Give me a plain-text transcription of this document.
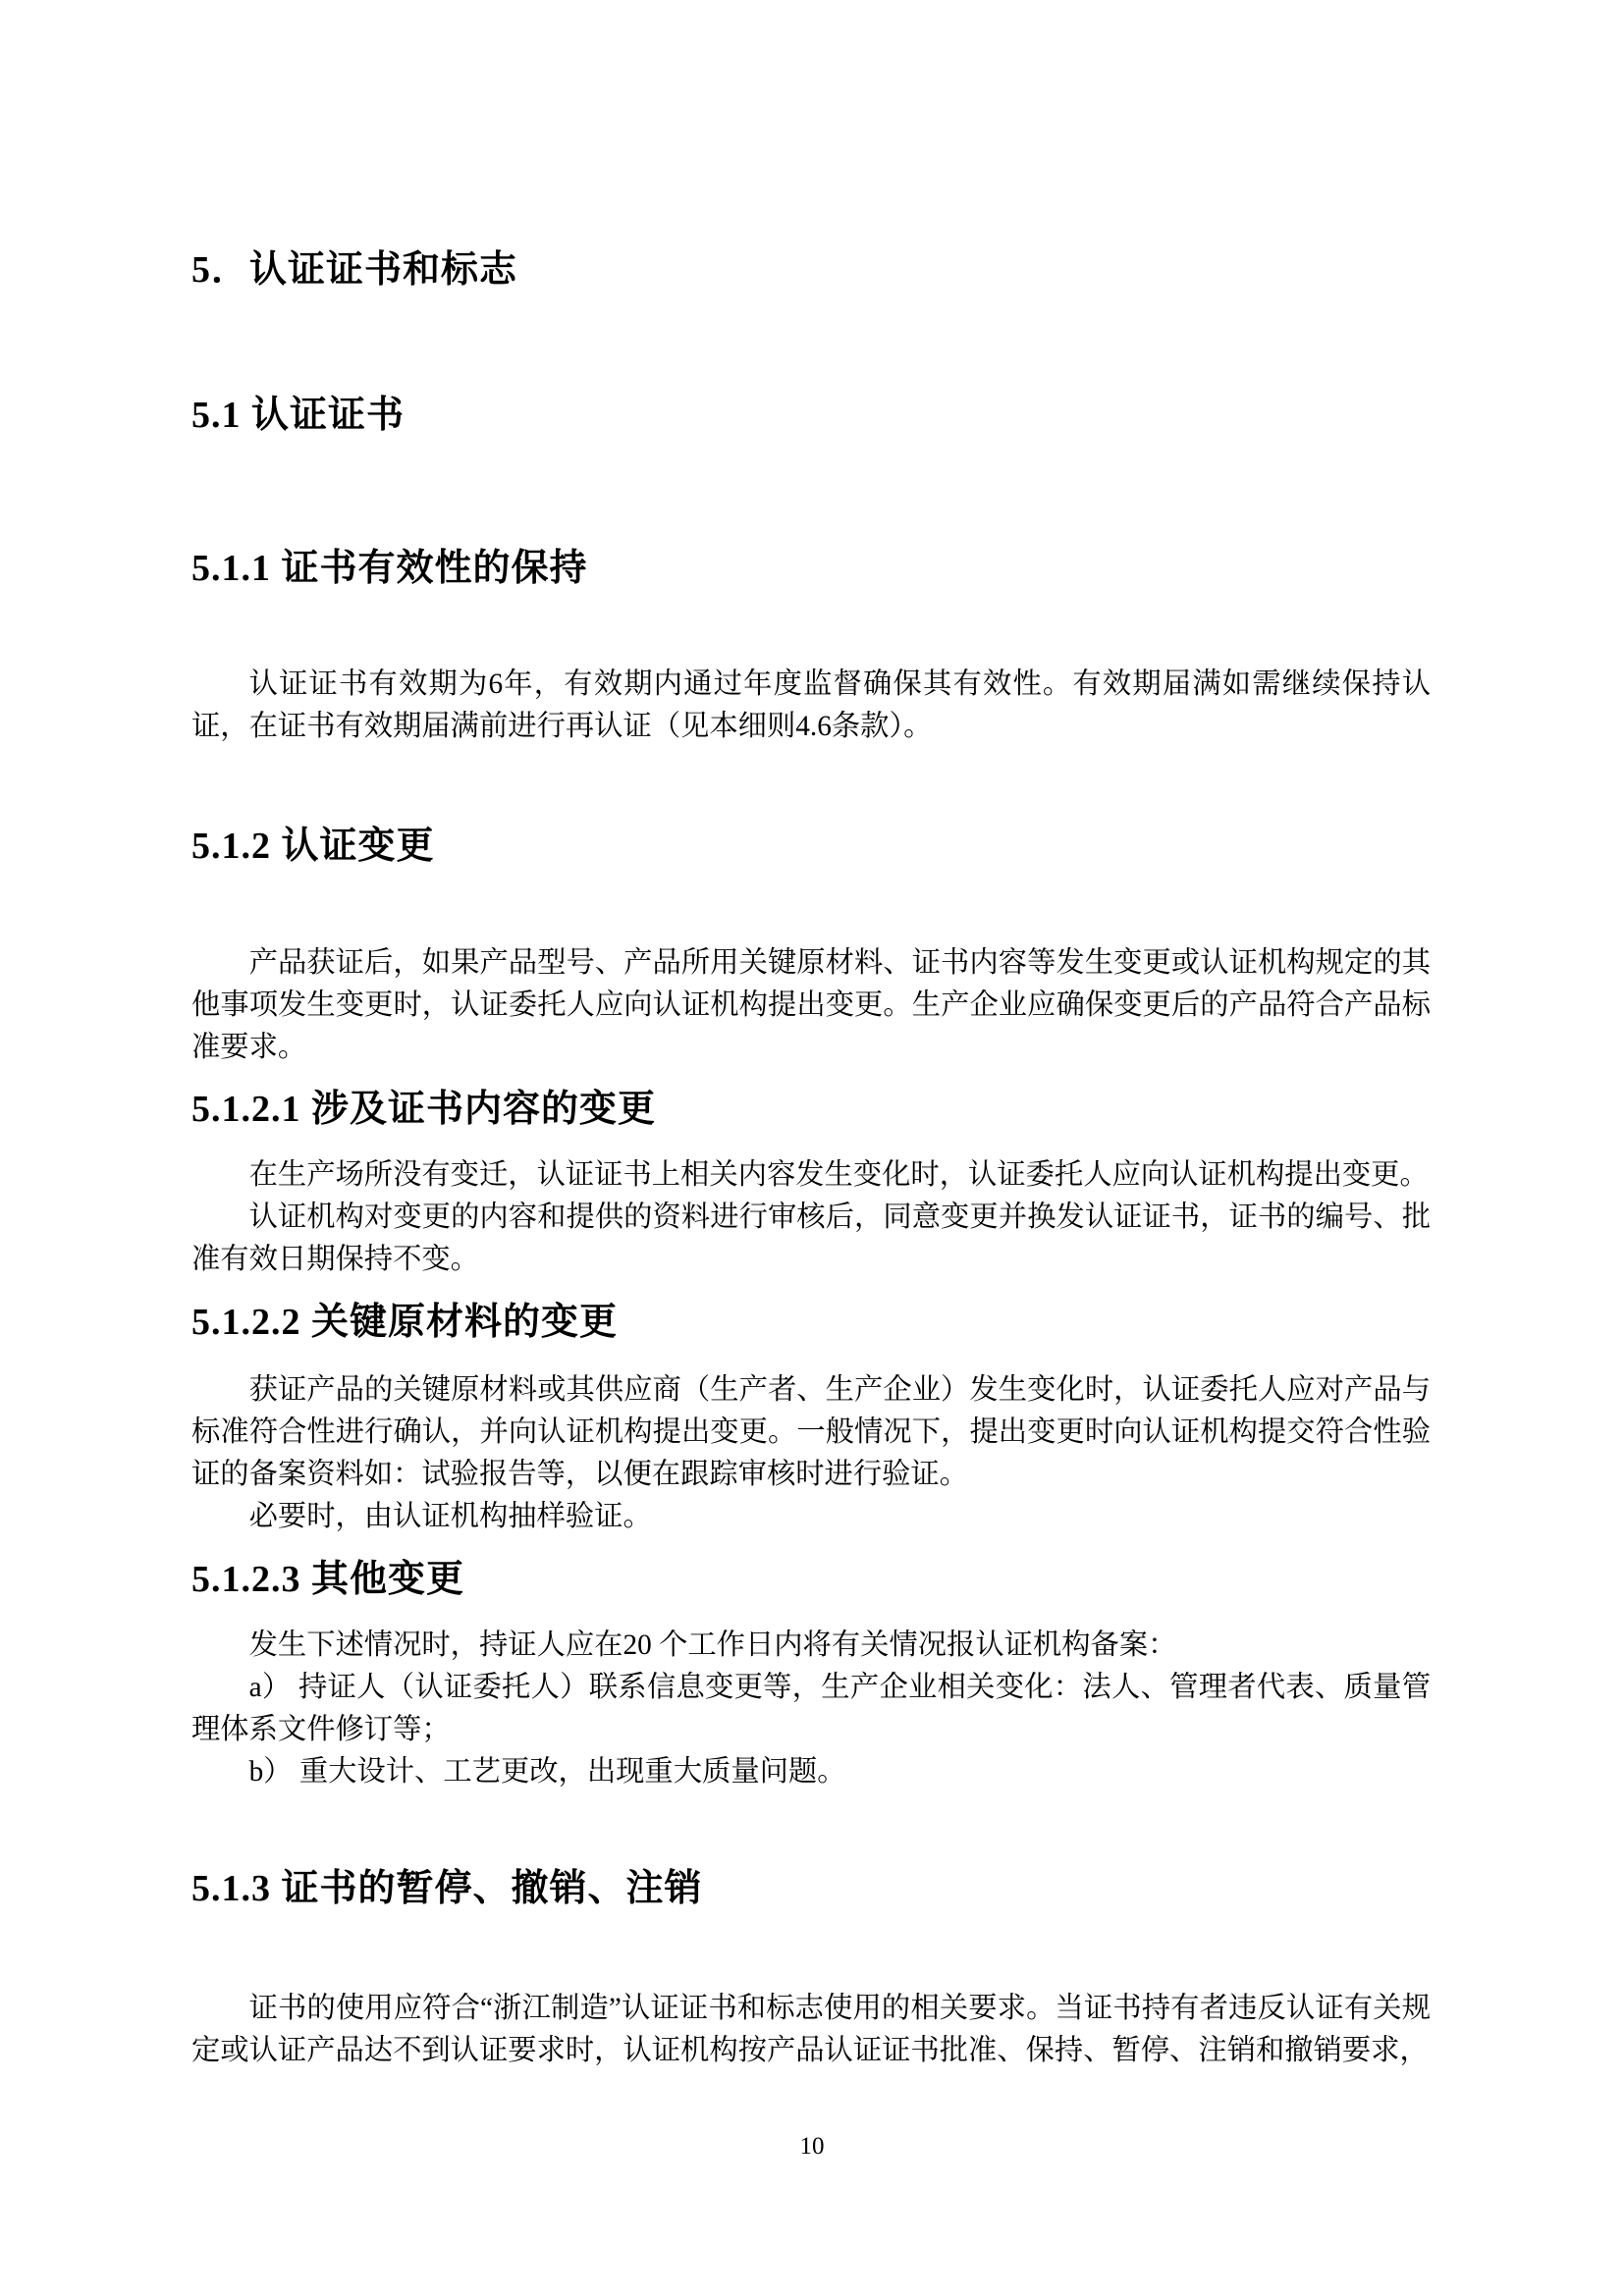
5．认证证书和标志
5.1 认证证书
5.1.1 证书有效性的保持

认证证书有效期为6年，有效期内通过年度监督确保其有效性。有效期届满如需继续保持认证，在证书有效期届满前进行再认证（见本细则4.6条款）。

5.1.2 认证变更

产品获证后，如果产品型号、产品所用关键原材料、证书内容等发生变更或认证机构规定的其他事项发生变更时，认证委托人应向认证机构提出变更。生产企业应确保变更后的产品符合产品标准要求。

5.1.2.1 涉及证书内容的变更

在生产场所没有变迁，认证证书上相关内容发生变化时，认证委托人应向认证机构提出变更。

认证机构对变更的内容和提供的资料进行审核后，同意变更并换发认证证书，证书的编号、批准有效日期保持不变。

5.1.2.2 关键原材料的变更

获证产品的关键原材料或其供应商（生产者、生产企业）发生变化时，认证委托人应对产品与标准符合性进行确认，并向认证机构提出变更。一般情况下，提出变更时向认证机构提交符合性验证的备案资料如：试验报告等，以便在跟踪审核时进行验证。

必要时，由认证机构抽样验证。

5.1.2.3 其他变更

发生下述情况时，持证人应在20 个工作日内将有关情况报认证机构备案：

a） 持证人（认证委托人）联系信息变更等，生产企业相关变化：法人、管理者代表、质量管理体系文件修订等；

b） 重大设计、工艺更改，出现重大质量问题。

5.1.3 证书的暂停、撤销、注销

证书的使用应符合“浙江制造”认证证书和标志使用的相关要求。当证书持有者违反认证有关规定或认证产品达不到认证要求时，认证机构按产品认证证书批准、保持、暂停、注销和撤销要求，

10
